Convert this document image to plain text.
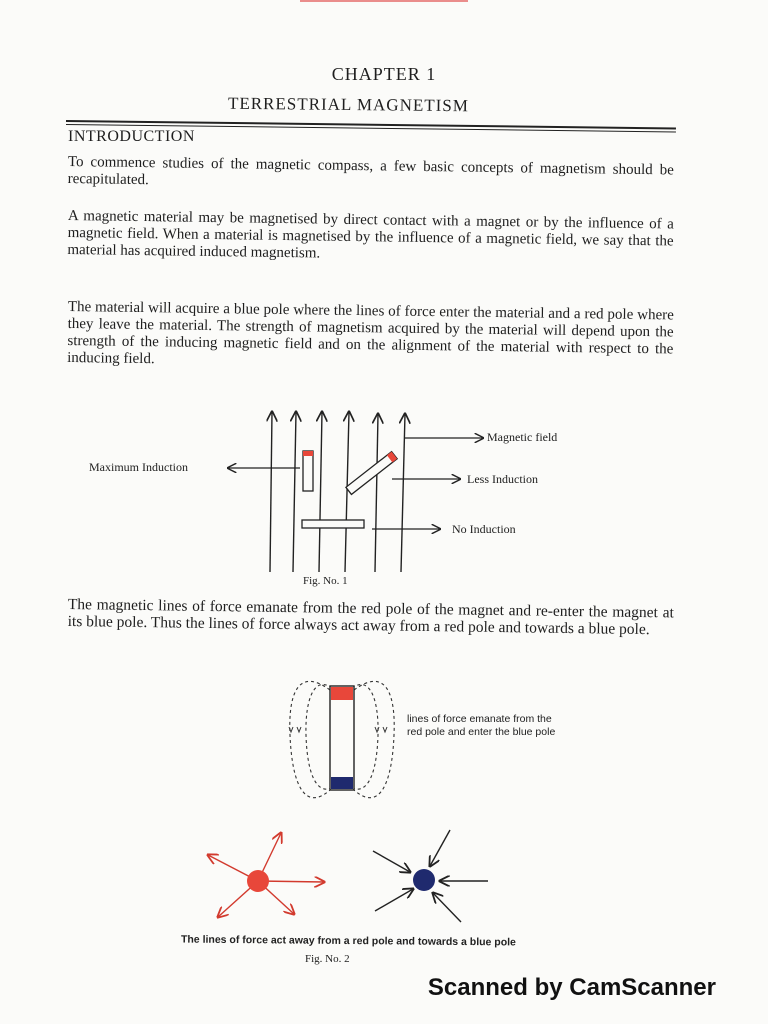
CHAPTER 1
TERRESTRIAL MAGNETISM
INTRODUCTION
To commence studies of the magnetic compass, a few basic concepts of magnetism should be recapitulated.
A magnetic material may be magnetised by direct contact with a magnet or by the influence of a magnetic field. When a material is magnetised by the influence of a magnetic field, we say that the material has acquired induced magnetism.
The material will acquire a blue pole where the lines of force enter the material and a red pole where they leave the material. The strength of magnetism acquired by the material will depend upon the strength of the inducing magnetic field and on the alignment of the material with respect to the inducing field.
Magnetic field
Maximum Induction
Less Induction
No Induction
Fig. No. 1
The magnetic lines of force emanate from the red pole of the magnet and re-enter the magnet at its blue pole. Thus the lines of force always act away from a red pole and towards a blue pole.
lines of force emanate from the red pole and enter the blue pole
The lines of force act away from a red pole and towards a blue pole
Fig. No. 2
Scanned by CamScanner
